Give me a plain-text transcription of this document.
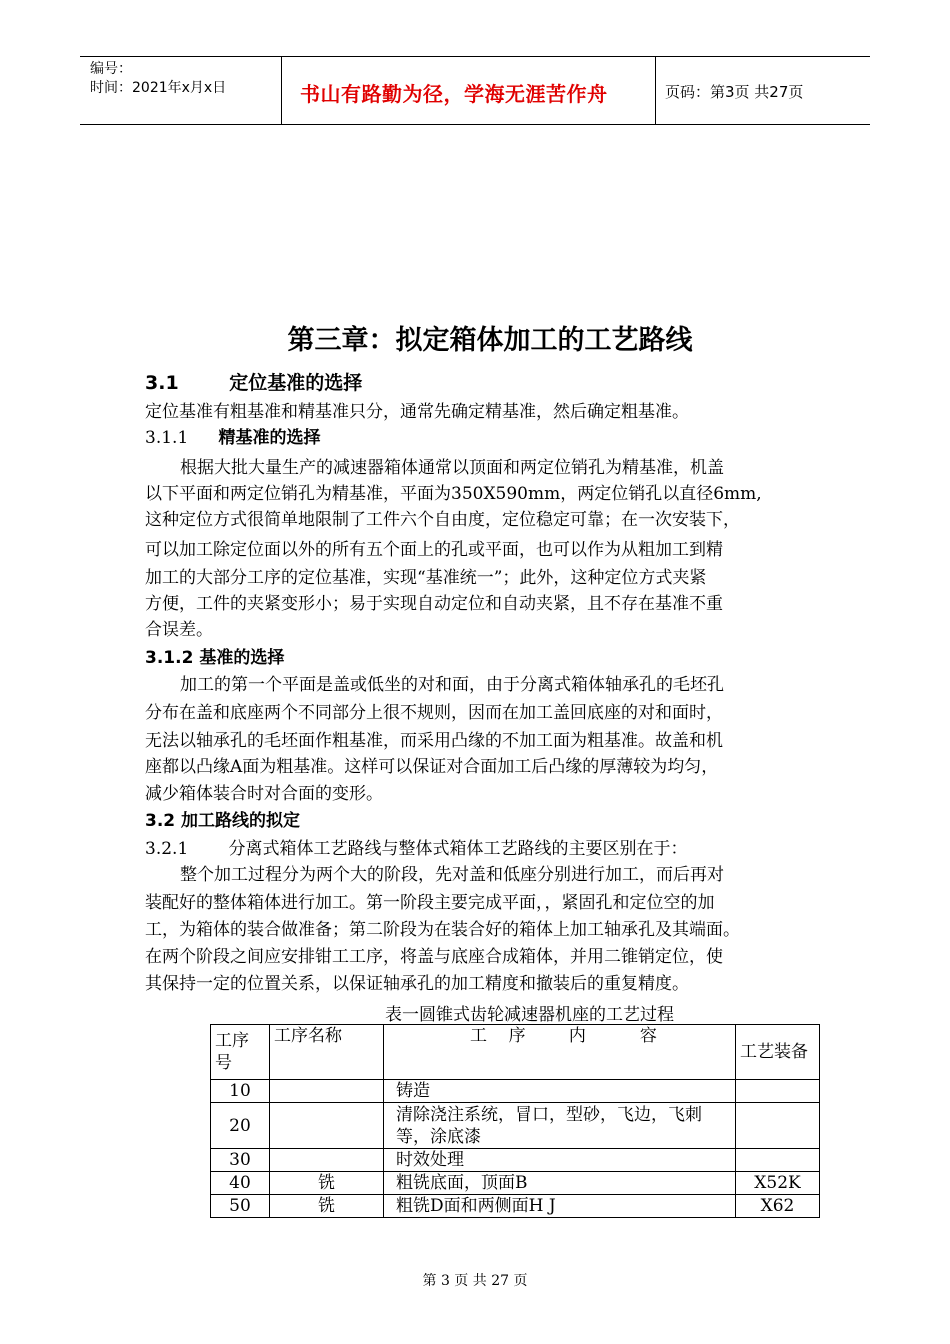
编号：
时间：2021年x月x日	书山有路勤为径，学海无涯苦作舟	页码：第3页 共27页
第三章：拟定箱体加工的工艺路线
3.1	定位基准的选择
定位基准有粗基准和精基准只分，通常先确定精基准，然后确定粗基准。
3.1.1 精基准的选择
根据大批大量生产的减速器箱体通常以顶面和两定位销孔为精基准，机盖
以下平面和两定位销孔为精基准，平面为350X590mm，两定位销孔以直径6mm,
这种定位方式很简单地限制了工件六个自由度，定位稳定可靠；在一次安装下，
可以加工除定位面以外的所有五个面上的孔或平面，也可以作为从粗加工到精
加工的大部分工序的定位基准，实现“基准统一”；此外，这种定位方式夹紧
方便，工件的夹紧变形小；易于实现自动定位和自动夹紧，且不存在基准不重
合误差。
3.1.2 基准的选择
加工的第一个平面是盖或低坐的对和面，由于分离式箱体轴承孔的毛坯孔
分布在盖和底座两个不同部分上很不规则，因而在加工盖回底座的对和面时，
无法以轴承孔的毛坯面作粗基准，而采用凸缘的不加工面为粗基准。故盖和机
座都以凸缘A面为粗基准。这样可以保证对合面加工后凸缘的厚薄较为均匀，
减少箱体装合时对合面的变形。
3.2 加工路线的拟定
3.2.1 分离式箱体工艺路线与整体式箱体工艺路线的主要区别在于：
整个加工过程分为两个大的阶段，先对盖和低座分别进行加工，而后再对
装配好的整体箱体进行加工。第一阶段主要完成平面，，紧固孔和定位空的加
工，为箱体的装合做准备；第二阶段为在装合好的箱体上加工轴承孔及其端面。
在两个阶段之间应安排钳工工序，将盖与底座合成箱体，并用二锥销定位，使
其保持一定的位置关系，以保证轴承孔的加工精度和撤装后的重复精度。
表一圆锥式齿轮减速器机座的工艺过程
工序号	工序名称	工    序        内          容	工艺装备
10		铸造	
20		清除浇注系统，冒口，型砂，飞边，飞刺等，涂底漆	
30		时效处理	
40	铣	粗铣底面，顶面B	X52K
50	铣	粗铣D面和两侧面H J	X62
第 3 页 共 27 页
